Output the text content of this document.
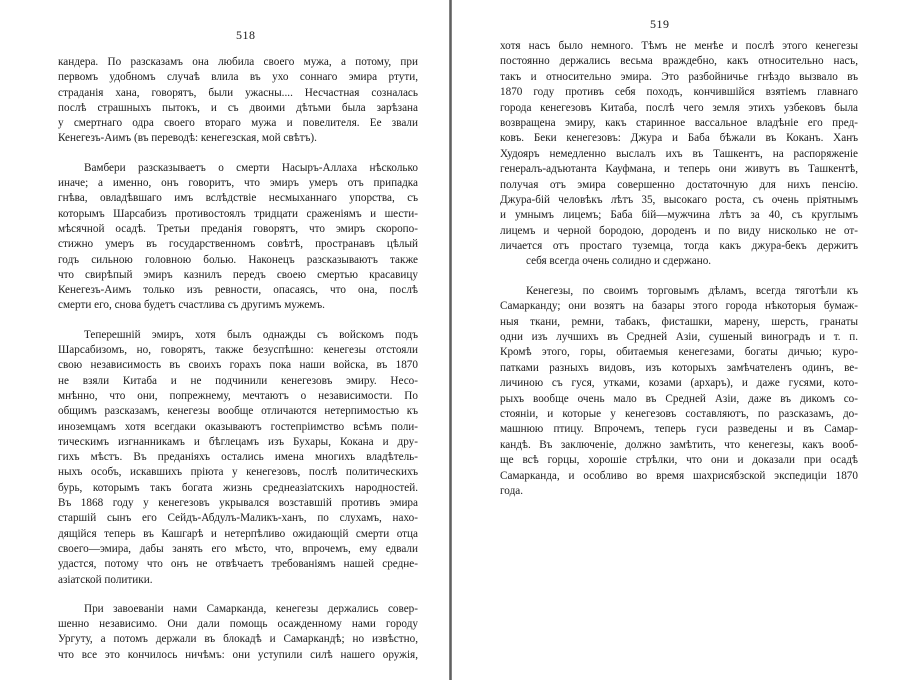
518
кандера. По разсказамъ она любила своего мужа, а потому, при
первомъ удобномъ случаѣ влила въ ухо соннаго эмира ртути,
страданія хана, говорятъ, были ужасны.... Несчастная созналась
послѣ страшныхъ пытокъ, и съ двоими дѣтьми была зарѣзана
у смертнаго одра своего втораго мужа и повелителя. Ее звали
Кенегезъ-Аимъ (въ переводѣ: кенегезская, мой свѣтъ).
Вамбери разсказываетъ о смерти Насыръ-Аллаха нѣсколько
иначе; а именно, онъ говоритъ, что эмиръ умеръ отъ припадка
гнѣва, овладѣвшаго имъ вслѣдствіе несмыханнаго упорства, съ
которымъ Шарсабизъ противостоялъ тридцати сраженіямъ и шести-
мѣсячной осадѣ. Третьи преданія говорятъ, что эмиръ скоропо-
стижно умеръ въ государственномъ совѣтѣ, пространавъ цѣлый
годъ сильною головною болью. Наконецъ разсказываютъ также
что свирѣпый эмиръ казнилъ передъ своею смертью красавицу
Кенегезъ-Аимъ только изъ ревности, опасаясь, что она, послѣ
смерти его, снова будетъ счастлива съ другимъ мужемъ.
Теперешній эмиръ, хотя былъ однажды съ войскомъ подъ
Шарсабизомъ, но, говорятъ, также безуспѣшно: кенегезы отстояли
свою независимость въ своихъ горахъ пока наши войска, въ 1870
не взяли Китаба и не подчинили кенегезовъ эмиру. Несо-
мнѣнно, что они, попрежнему, мечтаютъ о независимости. По
общимъ разсказамъ, кенегезы вообще отличаются нетерпимостью къ
иноземцамъ хотя всегдаки оказываютъ гостепріимство всѣмъ поли-
тическимъ изгнанникамъ и бѣглецамъ изъ Бухары, Кокана и дру-
гихъ мѣстъ. Въ преданіяхъ остались имена многихъ владѣтель-
ныхъ особъ, искавшихъ пріюта у кенегезовъ, послѣ политическихъ
бурь, которымъ такъ богата жизнь среднеазіатскихъ народностей.
Въ 1868 году у кенегезовъ укрывался возставшій противъ эмира
старшій сынъ его Сейдъ-Абдулъ-Маликъ-ханъ, по слухамъ, нахо-
дящійся теперь въ Кашгарѣ и нетерпѣливо ожидающій смерти отца
своего—эмира, дабы занять его мѣсто, что, впрочемъ, ему едвали
удастся, потому что онъ не отвѣчаетъ требованіямъ нашей средне-
азіатской политики.
При завоеваніи нами Самарканда, кенегезы держались совер-
шенно независимо. Они дали помощь осажденному нами городу
Ургуту, а потомъ держали въ блокадѣ и Самаркандѣ; но извѣстно,
что все это кончилось ничѣмъ: они уступили силѣ нашего оружія,
519
хотя насъ было немного. Тѣмъ не менѣе и послѣ этого кенегезы
постоянно держались весьма враждебно, какъ относительно насъ,
такъ и относительно эмира. Это разбойничье гнѣздо вызвало въ
1870 году противъ себя походъ, кончившійся взятіемъ главнаго
города кенегезовъ Китаба, послѣ чего земля этихъ узбековъ была
возвращена эмиру, какъ старинное вассальное владѣніе его пред-
ковъ. Беки кенегезовъ: Джура и Баба бѣжали въ Коканъ. Ханъ
Худояръ немедленно выслалъ ихъ въ Ташкентъ, на распоряженіе
генералъ-адъютанта Кауфмана, и теперь они живутъ въ Ташкентѣ,
получая отъ эмира совершенно достаточную для нихъ пенсію.
Джура-бій человѣкъ лѣтъ 35, высокаго роста, съ очень пріятнымъ
и умнымъ лицемъ; Баба бій—мужчина лѣтъ за 40, съ круглымъ
лицемъ и черной бородою, дороденъ и по виду нисколько не от-
личается отъ простаго туземца, тогда какъ джура-бекъ держитъ
себя всегда очень солидно и сдержано.
Кенегезы, по своимъ торговымъ дѣламъ, всегда тяготѣли къ
Самарканду; они возятъ на базары этого города нѣкоторыя бумаж-
ныя ткани, ремни, табакъ, фисташки, марену, шерсть, гранаты
одни изъ лучшихъ въ Средней Азіи, сушеный виноградъ и т. п.
Кромѣ этого, горы, обитаемыя кенегезами, богаты дичью; куро-
патками разныхъ видовъ, изъ которыхъ замѣчателенъ одинъ, ве-
личиною съ гуся, утками, козами (архаръ), и даже гусями, кото-
рыхъ вообще очень мало въ Средней Азіи, даже въ дикомъ со-
стояніи, и которые у кенегезовъ составляютъ, по разсказамъ, до-
машнюю птицу. Впрочемъ, теперь гуси разведены и въ Самар-
кандѣ. Въ заключеніе, должно замѣтить, что кенегезы, какъ вооб-
ще всѣ горцы, хорошіе стрѣлки, что они и доказали при осадѣ
Самарканда, и особливо во время шахрисябзской экспедиціи 1870
года.
